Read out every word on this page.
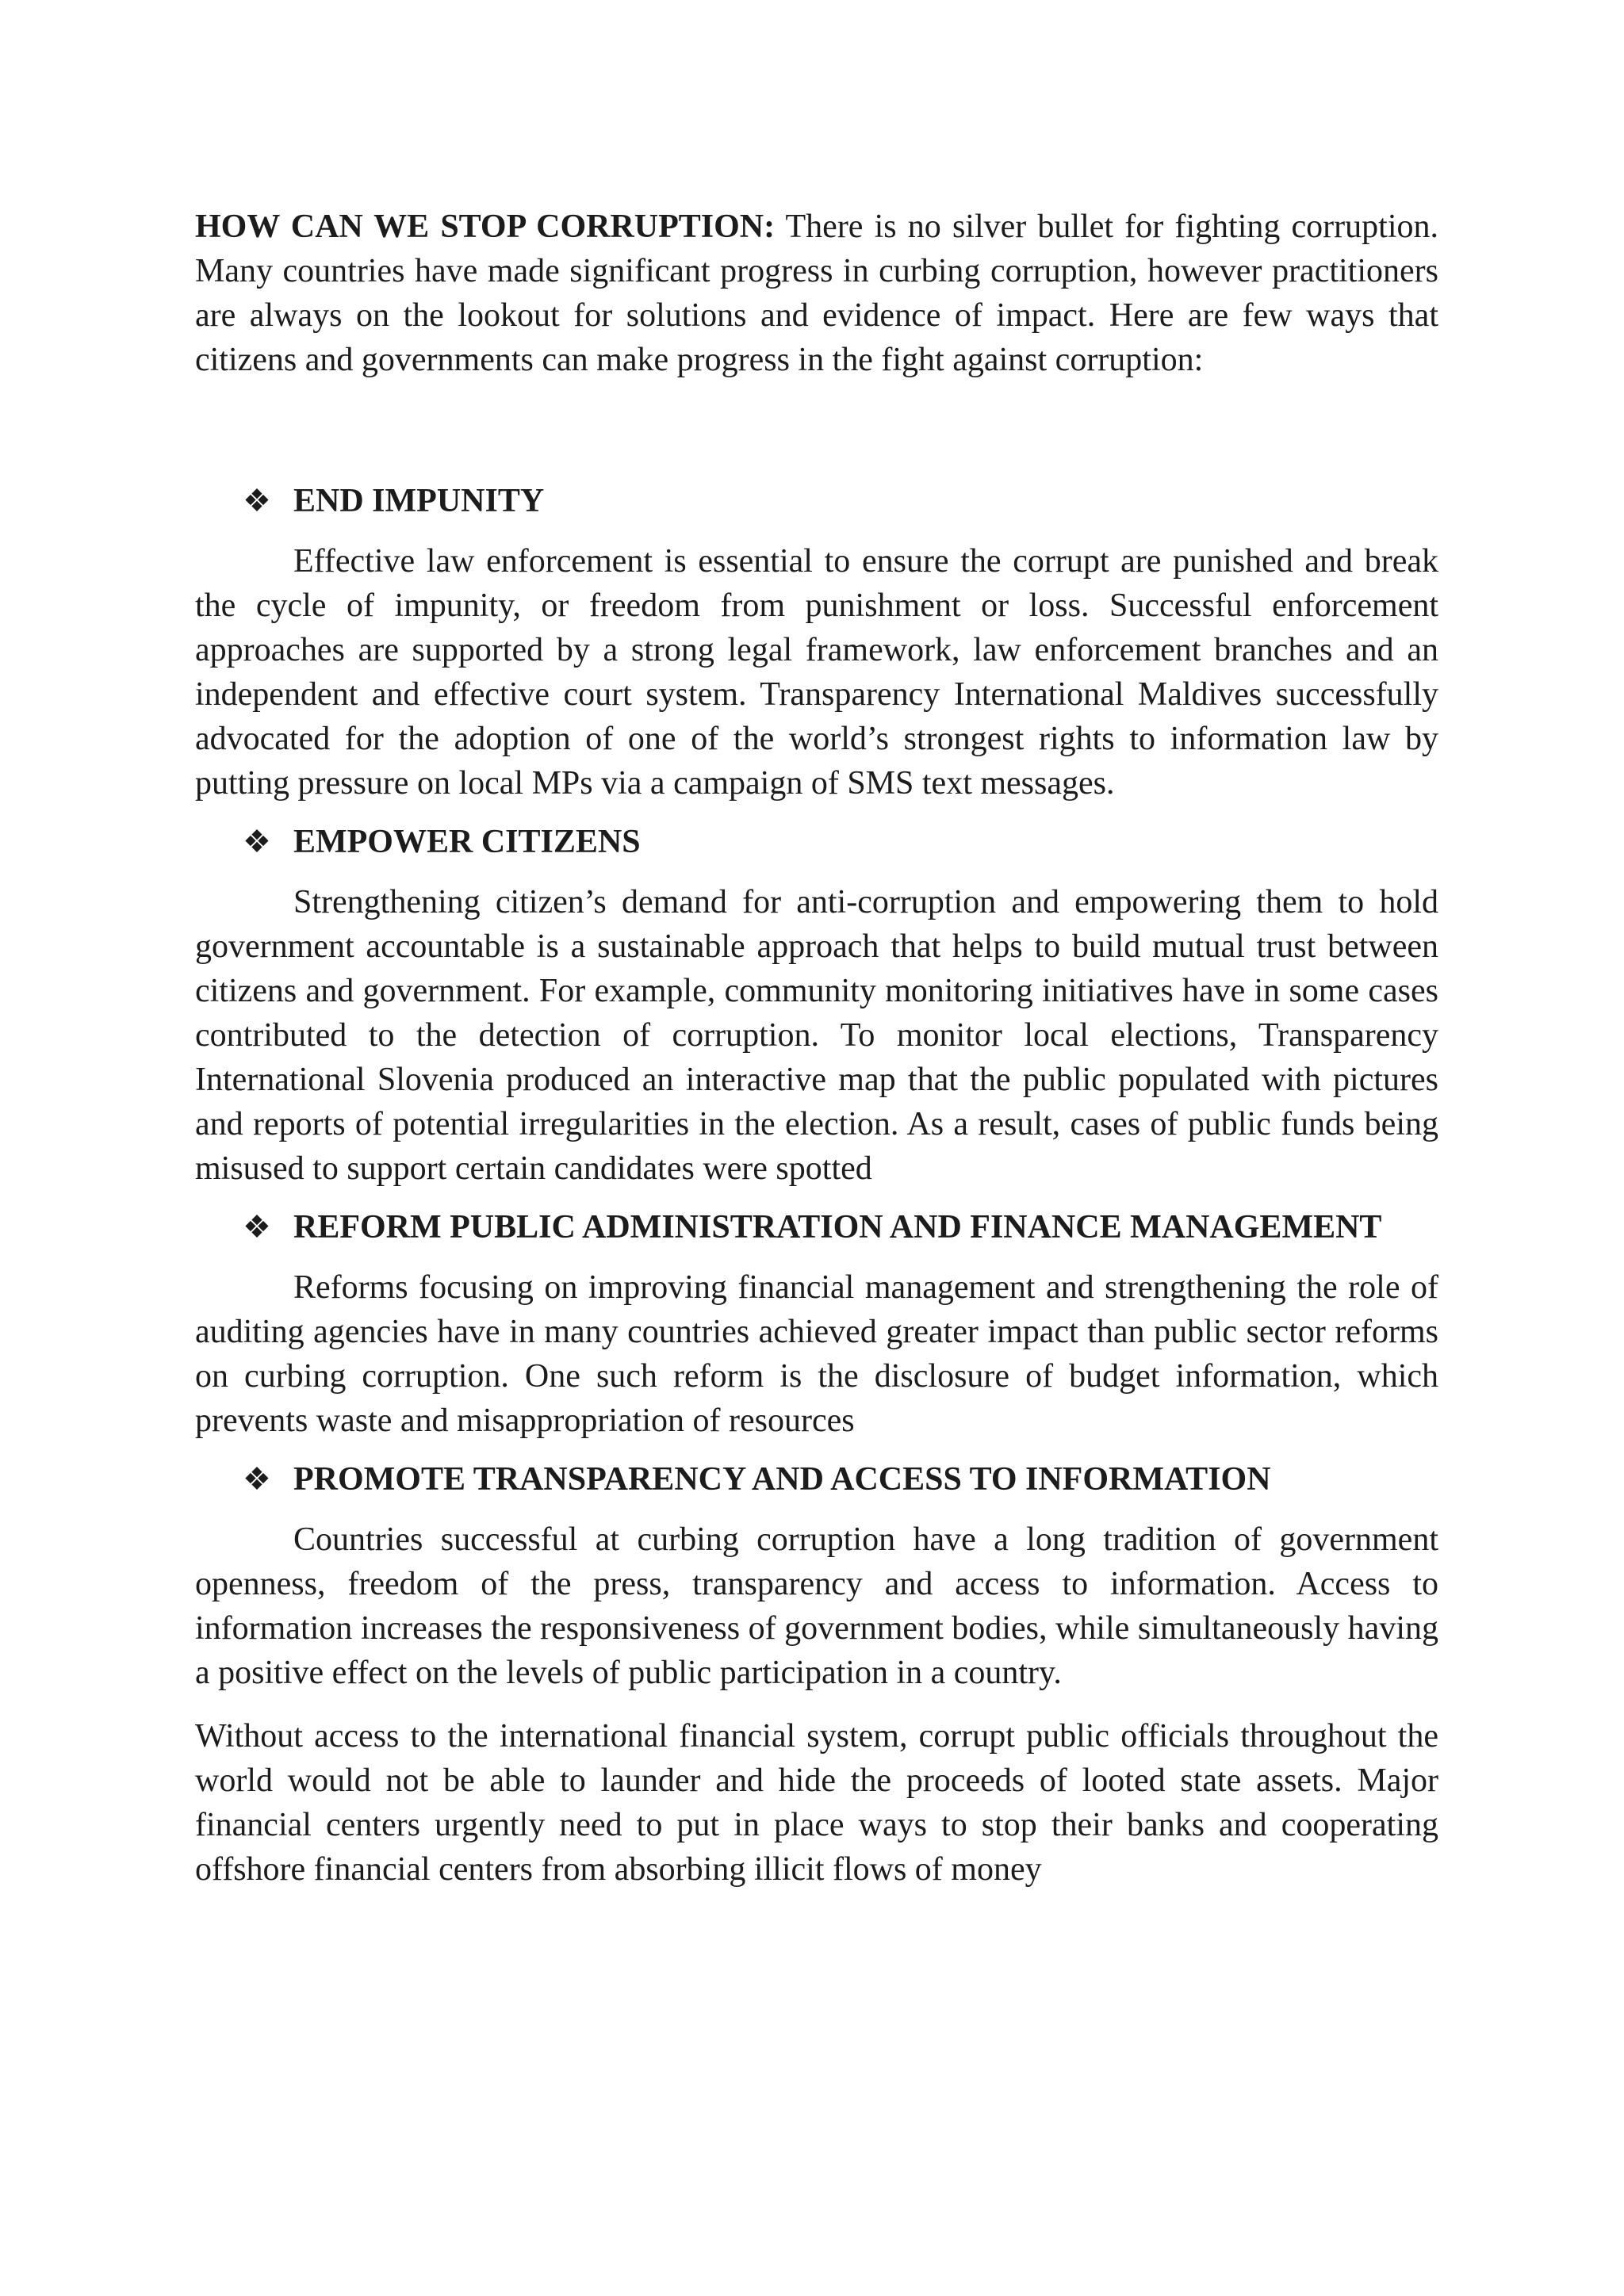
HOW CAN WE STOP CORRUPTION: There is no silver bullet for fighting corruption. Many countries have made significant progress in curbing corruption, however practitioners are always on the lookout for solutions and evidence of impact. Here are few ways that citizens and governments can make progress in the fight against corruption:

❖ END IMPUNITY

Effective law enforcement is essential to ensure the corrupt are punished and break the cycle of impunity, or freedom from punishment or loss. Successful enforcement approaches are supported by a strong legal framework, law enforcement branches and an independent and effective court system. Transparency International Maldives successfully advocated for the adoption of one of the world’s strongest rights to information law by putting pressure on local MPs via a campaign of SMS text messages.

❖ EMPOWER CITIZENS

Strengthening citizen’s demand for anti-corruption and empowering them to hold government accountable is a sustainable approach that helps to build mutual trust between citizens and government. For example, community monitoring initiatives have in some cases contributed to the detection of corruption. To monitor local elections, Transparency International Slovenia produced an interactive map that the public populated with pictures and reports of potential irregularities in the election. As a result, cases of public funds being misused to support certain candidates were spotted

❖ REFORM PUBLIC ADMINISTRATION AND FINANCE MANAGEMENT

Reforms focusing on improving financial management and strengthening the role of auditing agencies have in many countries achieved greater impact than public sector reforms on curbing corruption. One such reform is the disclosure of budget information, which prevents waste and misappropriation of resources

❖ PROMOTE TRANSPARENCY AND ACCESS TO INFORMATION

Countries successful at curbing corruption have a long tradition of government openness, freedom of the press, transparency and access to information. Access to information increases the responsiveness of government bodies, while simultaneously having a positive effect on the levels of public participation in a country.

Without access to the international financial system, corrupt public officials throughout the world would not be able to launder and hide the proceeds of looted state assets. Major financial centers urgently need to put in place ways to stop their banks and cooperating offshore financial centers from absorbing illicit flows of money
